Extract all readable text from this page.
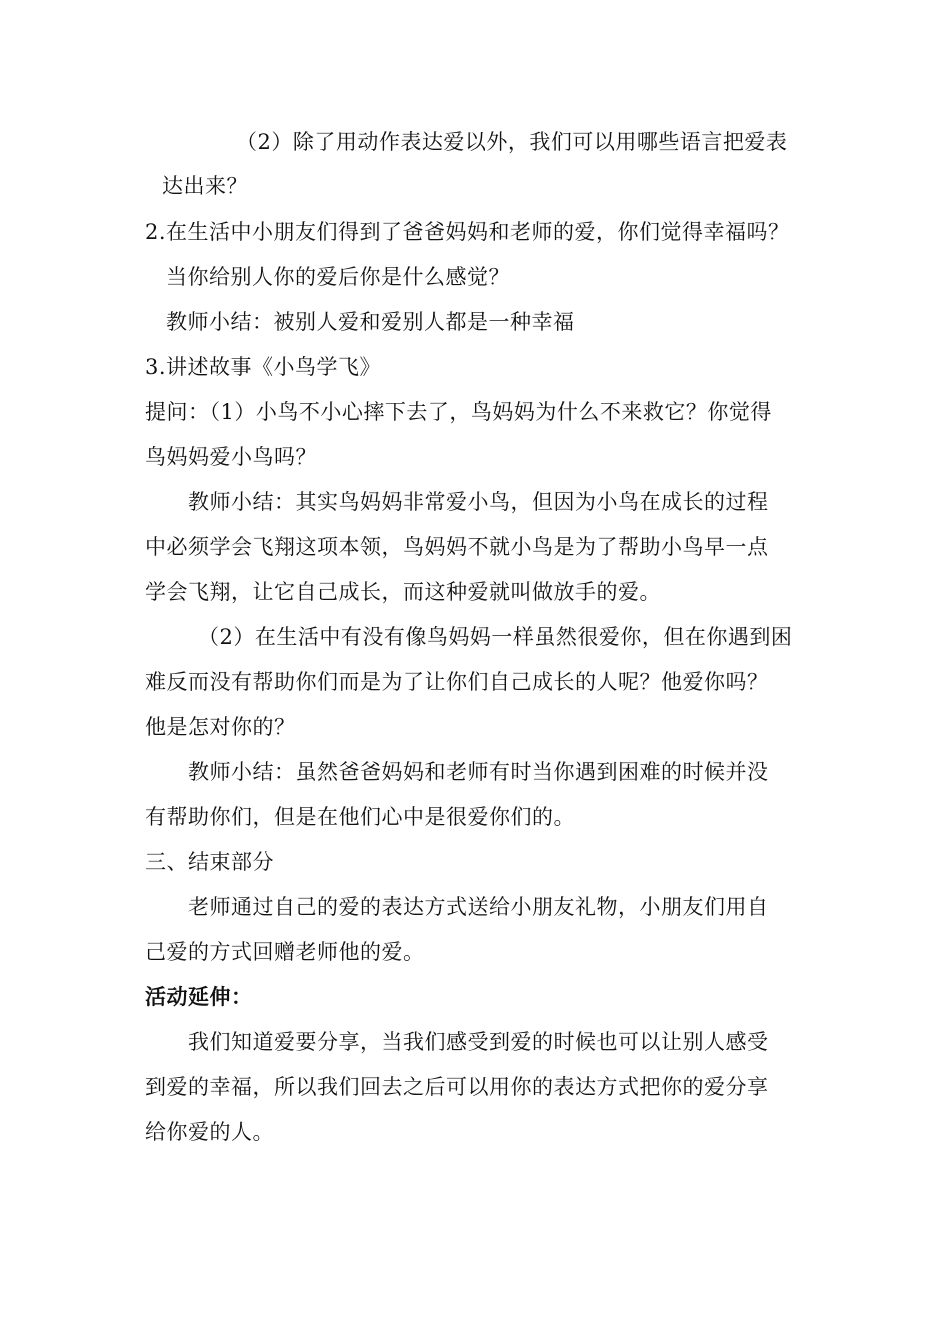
（2）除了用动作表达爱以外，我们可以用哪些语言把爱表

达出来？

2.在生活中小朋友们得到了爸爸妈妈和老师的爱，你们觉得幸福吗？

当你给别人你的爱后你是什么感觉？

教师小结：被别人爱和爱别人都是一种幸福

3.讲述故事《小鸟学飞》

提问：（1）小鸟不小心摔下去了，鸟妈妈为什么不来救它？你觉得

鸟妈妈爱小鸟吗？

教师小结：其实鸟妈妈非常爱小鸟，但因为小鸟在成长的过程

中必须学会飞翔这项本领，鸟妈妈不就小鸟是为了帮助小鸟早一点

学会飞翔，让它自己成长，而这种爱就叫做放手的爱。

（2）在生活中有没有像鸟妈妈一样虽然很爱你，但在你遇到困

难反而没有帮助你们而是为了让你们自己成长的人呢？他爱你吗？

他是怎对你的？

教师小结：虽然爸爸妈妈和老师有时当你遇到困难的时候并没

有帮助你们，但是在他们心中是很爱你们的。

三、结束部分

老师通过自己的爱的表达方式送给小朋友礼物，小朋友们用自

己爱的方式回赠老师他的爱。

活动延伸：

我们知道爱要分享，当我们感受到爱的时候也可以让别人感受

到爱的幸福，所以我们回去之后可以用你的表达方式把你的爱分享

给你爱的人。
